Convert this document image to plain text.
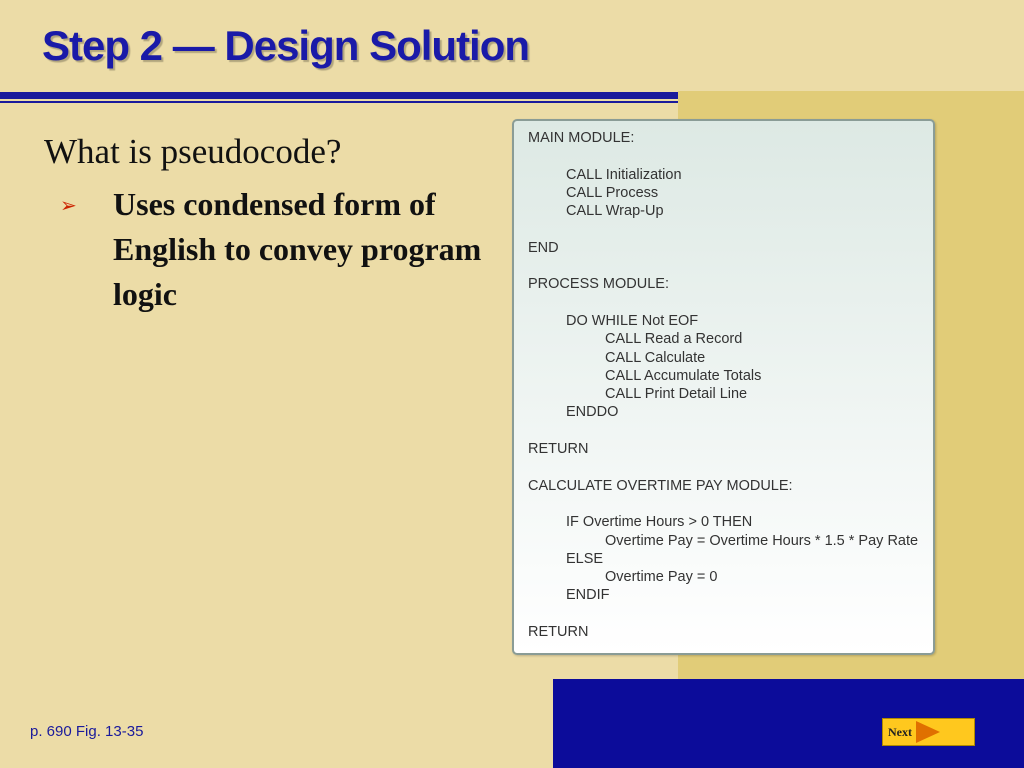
Step 2 — Design Solution
What is pseudocode?
➢ Uses condensed form of English to convey program logic
MAIN MODULE:
CALL Initialization
CALL Process
CALL Wrap-Up
END
PROCESS MODULE:
DO WHILE Not EOF
CALL Read a Record
CALL Calculate
CALL Accumulate Totals
CALL Print Detail Line
ENDDO
RETURN
CALCULATE OVERTIME PAY MODULE:
IF Overtime Hours > 0 THEN
Overtime Pay = Overtime Hours * 1.5 * Pay Rate
ELSE
Overtime Pay = 0
ENDIF
RETURN
p. 690 Fig. 13-35	Next
